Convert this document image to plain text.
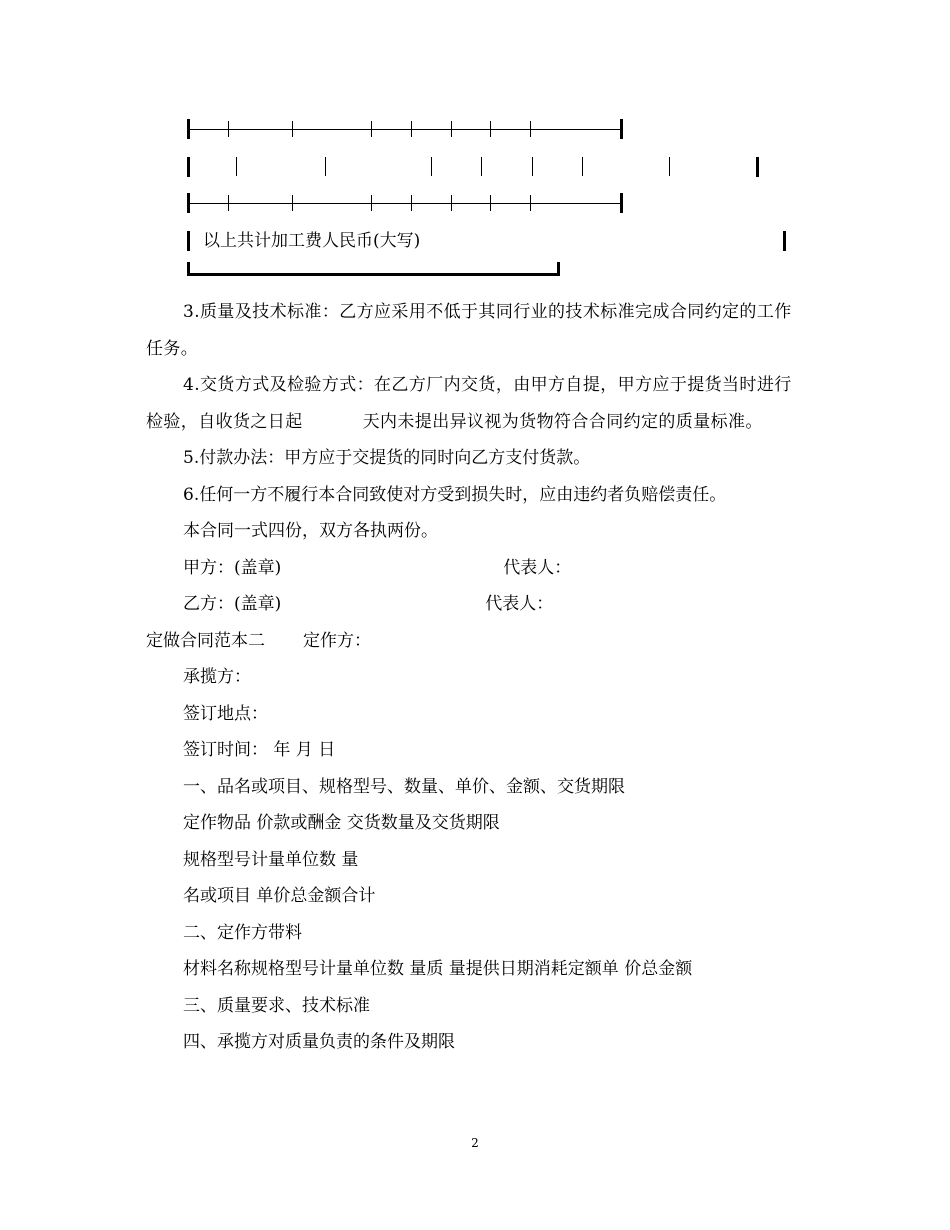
以上共计加工费人民币(大写)

3.质量及技术标准：乙方应采用不低于其同行业的技术标准完成合同约定的工作任务。

4.交货方式及检验方式：在乙方厂内交货，由甲方自提，甲方应于提货当时进行检验，自收货之日起	天内未提出异议视为货物符合合同约定的质量标准。

5.付款办法：甲方应于交提货的同时向乙方支付货款。

6.任何一方不履行本合同致使对方受到损失时，应由违约者负赔偿责任。

本合同一式四份，双方各执两份。

甲方：(盖章)	代表人：

乙方：(盖章)	代表人：

定做合同范本二 定作方：

承揽方：

签订地点：

签订时间： 年 月 日

一、品名或项目、规格型号、数量、单价、金额、交货期限

定作物品 价款或酬金 交货数量及交货期限

规格型号计量单位数 量

名或项目 单价总金额合计

二、定作方带料

材料名称规格型号计量单位数 量质 量提供日期消耗定额单 价总金额

三、质量要求、技术标准

四、承揽方对质量负责的条件及期限

2
